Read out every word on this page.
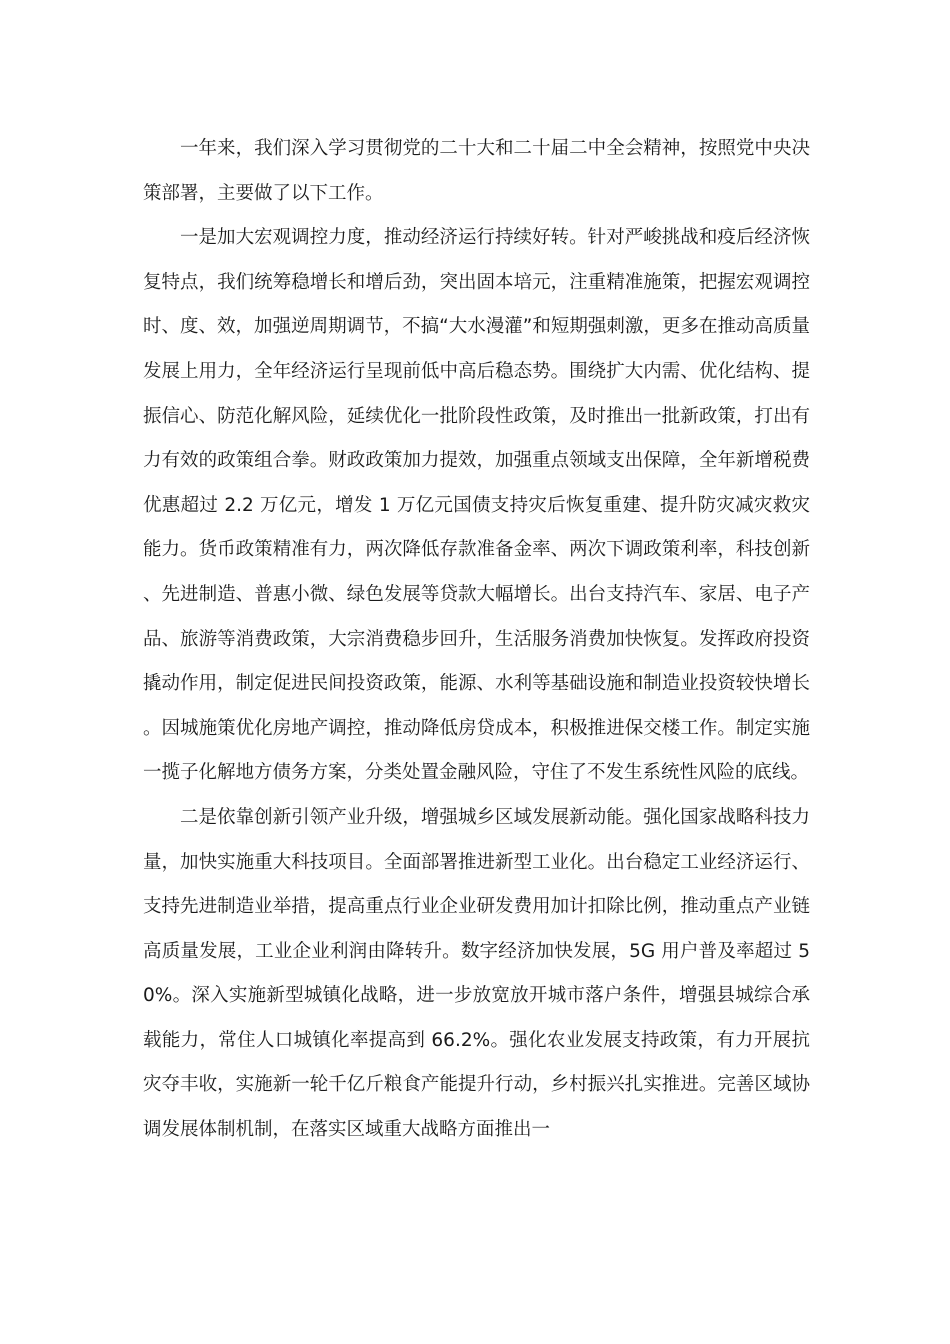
一年来，我们深入学习贯彻党的二十大和二十届二中全会精神，按照党中央决策部署，主要做了以下工作。

一是加大宏观调控力度，推动经济运行持续好转。针对严峻挑战和疫后经济恢复特点，我们统筹稳增长和增后劲，突出固本培元，注重精准施策，把握宏观调控时、度、效，加强逆周期调节，不搞“大水漫灌”和短期强刺激，更多在推动高质量发展上用力，全年经济运行呈现前低中高后稳态势。围绕扩大内需、优化结构、提振信心、防范化解风险，延续优化一批阶段性政策，及时推出一批新政策，打出有力有效的政策组合拳。财政政策加力提效，加强重点领域支出保障，全年新增税费优惠超过 2.2 万亿元，增发 1 万亿元国债支持灾后恢复重建、提升防灾减灾救灾能力。货币政策精准有力，两次降低存款准备金率、两次下调政策利率，科技创新、先进制造、普惠小微、绿色发展等贷款大幅增长。出台支持汽车、家居、电子产品、旅游等消费政策，大宗消费稳步回升，生活服务消费加快恢复。发挥政府投资撬动作用，制定促进民间投资政策，能源、水利等基础设施和制造业投资较快增长。因城施策优化房地产调控，推动降低房贷成本，积极推进保交楼工作。制定实施一揽子化解地方债务方案，分类处置金融风险，守住了不发生系统性风险的底线。

二是依靠创新引领产业升级，增强城乡区域发展新动能。强化国家战略科技力量，加快实施重大科技项目。全面部署推进新型工业化。出台稳定工业经济运行、支持先进制造业举措，提高重点行业企业研发费用加计扣除比例，推动重点产业链高质量发展，工业企业利润由降转升。数字经济加快发展，5G 用户普及率超过 50%。深入实施新型城镇化战略，进一步放宽放开城市落户条件，增强县城综合承载能力，常住人口城镇化率提高到 66.2%。强化农业发展支持政策，有力开展抗灾夺丰收，实施新一轮千亿斤粮食产能提升行动，乡村振兴扎实推进。完善区域协调发展体制机制，在落实区域重大战略方面推出一
